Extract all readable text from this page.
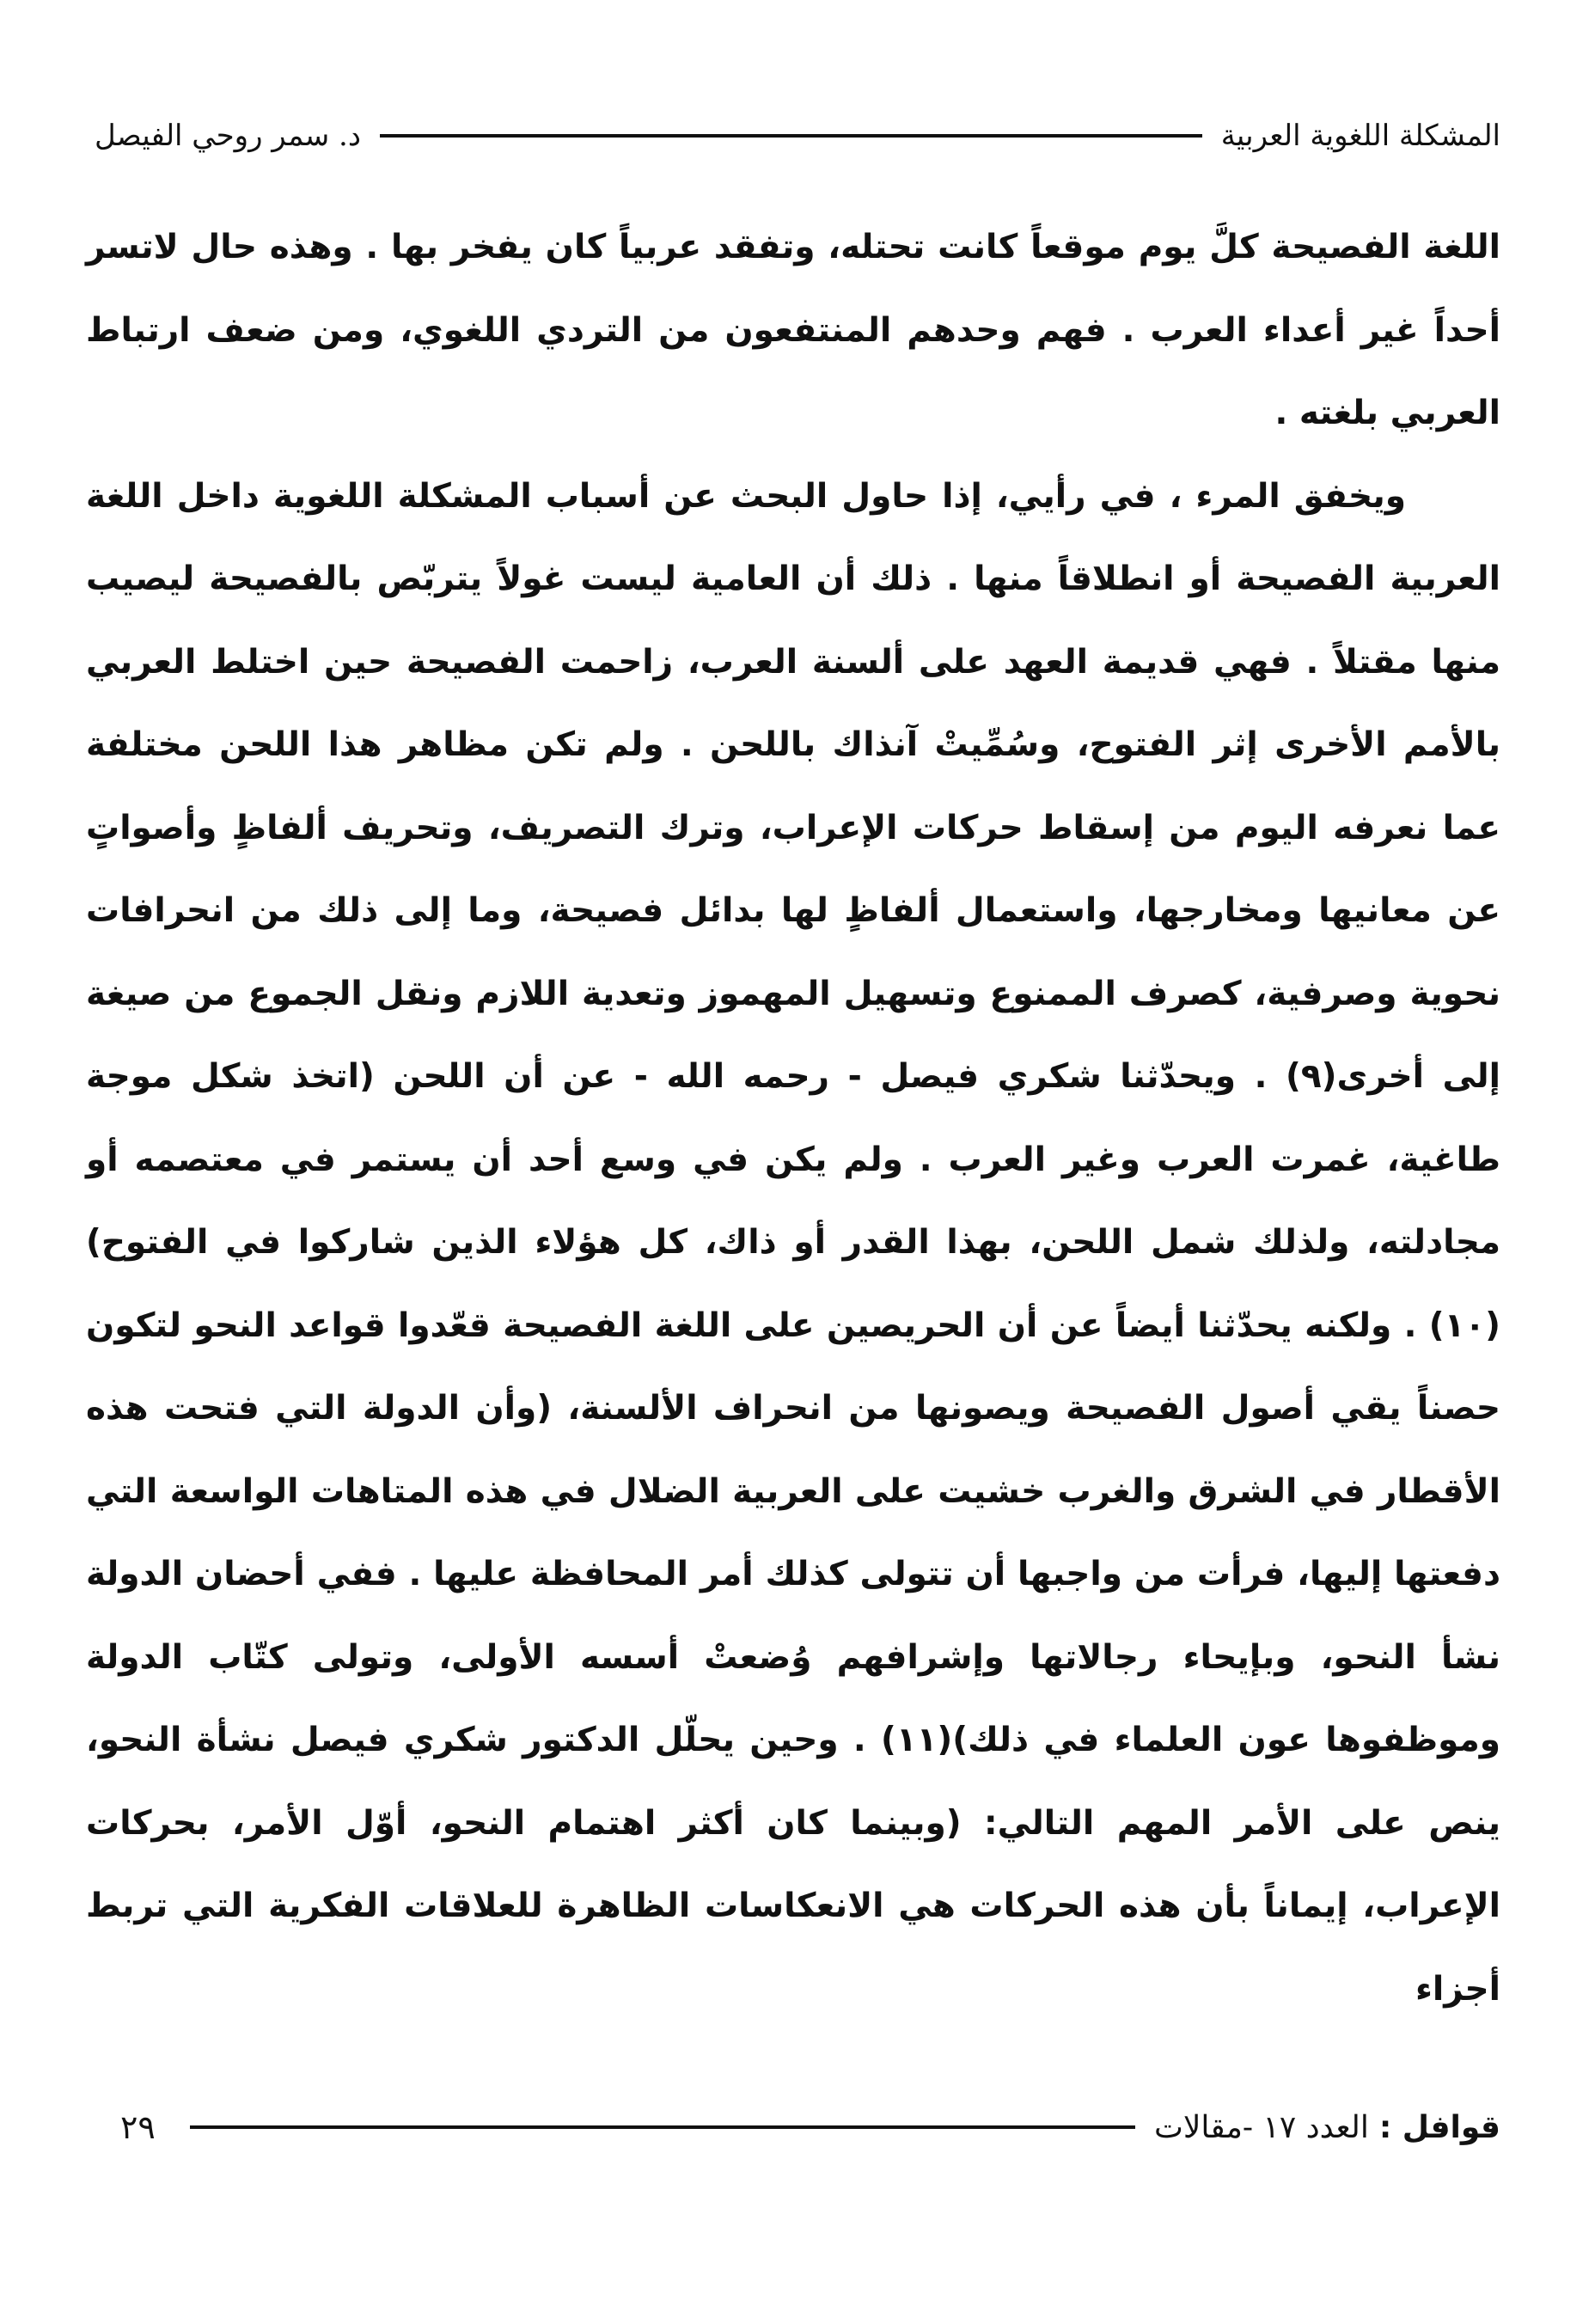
المشكلة اللغوية العربية
د. سمر روحي الفيصل

اللغة الفصيحة كلَّ يوم موقعاً كانت تحتله، وتفقد عربياً كان يفخر بها . وهذه حال لاتسر أحداً غير أعداء العرب . فهم وحدهم المنتفعون من التردي اللغوي، ومن ضعف ارتباط العربي بلغته .

ويخفق المرء ، في رأيي، إذا حاول البحث عن أسباب المشكلة اللغوية داخل اللغة العربية الفصيحة أو انطلاقاً منها . ذلك أن العامية ليست غولاً يتربّص بالفصيحة ليصيب منها مقتلاً . فهي قديمة العهد على ألسنة العرب، زاحمت الفصيحة حين اختلط العربي بالأمم الأخرى إثر الفتوح، وسُمِّيتْ آنذاك باللحن . ولم تكن مظاهر هذا اللحن مختلفة عما نعرفه اليوم من إسقاط حركات الإعراب، وترك التصريف، وتحريف ألفاظٍ وأصواتٍ عن معانيها ومخارجها، واستعمال ألفاظٍ لها بدائل فصيحة، وما إلى ذلك من انحرافات نحوية وصرفية، كصرف الممنوع وتسهيل المهموز وتعدية اللازم ونقل الجموع من صيغة إلى أخرى(٩) . ويحدّثنا شكري فيصل - رحمه الله - عن أن اللحن (اتخذ شكل موجة طاغية، غمرت العرب وغير العرب . ولم يكن في وسع أحد أن يستمر في معتصمه أو مجادلته، ولذلك شمل اللحن، بهذا القدر أو ذاك، كل هؤلاء الذين شاركوا في الفتوح)(١٠) . ولكنه يحدّثنا أيضاً عن أن الحريصين على اللغة الفصيحة قعّدوا قواعد النحو لتكون حصناً يقي أصول الفصيحة ويصونها من انحراف الألسنة، (وأن الدولة التي فتحت هذه الأقطار في الشرق والغرب خشيت على العربية الضلال في هذه المتاهات الواسعة التي دفعتها إليها، فرأت من واجبها أن تتولى كذلك أمر المحافظة عليها . ففي أحضان الدولة نشأ النحو، وبإيحاء رجالاتها وإشرافهم وُضعتْ أسسه الأولى، وتولى كتّاب الدولة وموظفوها عون العلماء في ذلك)(١١) . وحين يحلّل الدكتور شكري فيصل نشأة النحو، ينص على الأمر المهم التالي: (وبينما كان أكثر اهتمام النحو، أوّل الأمر، بحركات الإعراب، إيماناً بأن هذه الحركات هي الانعكاسات الظاهرة للعلاقات الفكرية التي تربط أجزاء

قوافل :
العدد ١٧ -مقالات
٢٩
